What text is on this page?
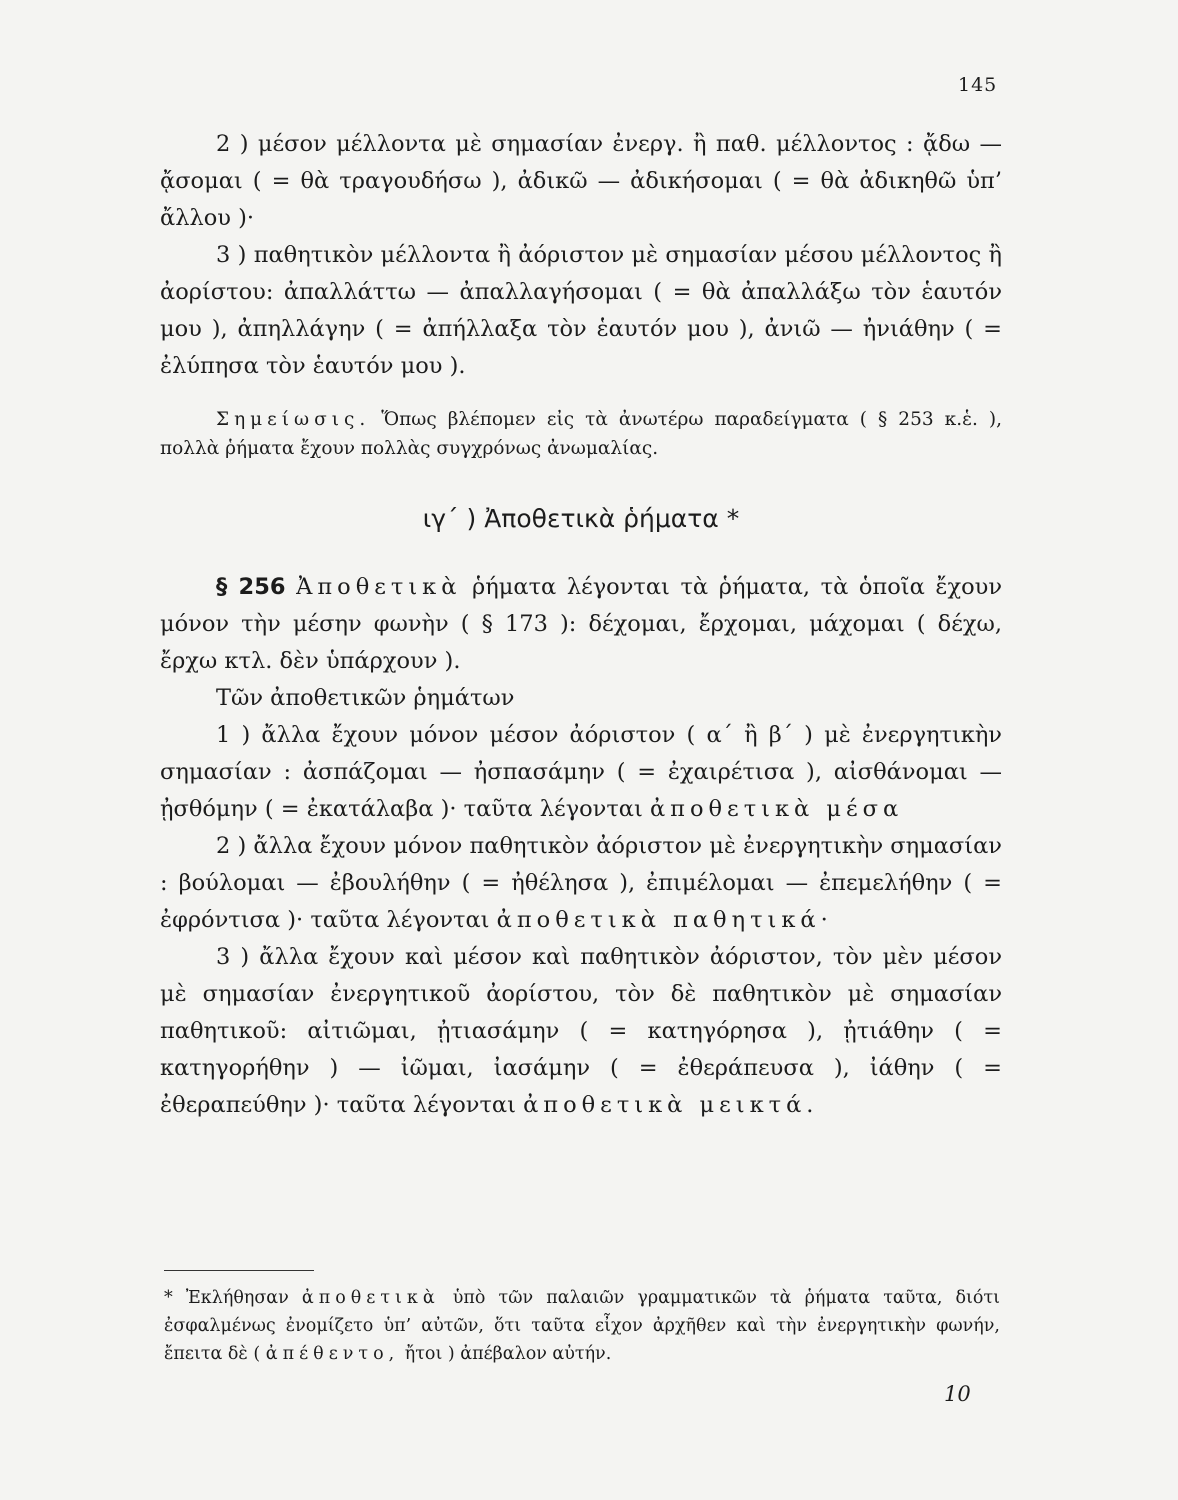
145

2 ) μέσον μέλλοντα μὲ σημασίαν ἐνεργ. ἢ παθ. μέλλοντος : ᾄδω — ᾄσομαι ( = θὰ τραγουδήσω ), ἀδικῶ — ἀδικήσομαι ( = θὰ ἀδικηθῶ ὑπ’ ἄλλου )·

3 ) παθητικὸν μέλλοντα ἢ ἀόριστον μὲ σημασίαν μέσου μέλλοντος ἢ ἀορίστου: ἀπαλλάττω — ἀπαλλαγήσομαι ( = θὰ ἀπαλλάξω τὸν ἑαυτόν μου ), ἀπηλλάγην ( = ἀπήλλαξα τὸν ἑαυτόν μου ), ἀνιῶ — ἠνιάθην ( = ἐλύπησα τὸν ἑαυτόν μου ).

Σημείωσις. Ὅπως βλέπομεν εἰς τὰ ἀνωτέρω παραδείγματα ( § 253 κ.ἑ. ), πολλὰ ῥήματα ἔχουν πολλὰς συγχρόνως ἀνωμαλίας.

ιγ΄ ) Ἀποθετικὰ ῥήματα *

§ 256 Ἀποθετικὰ ῥήματα λέγονται τὰ ῥήματα, τὰ ὁποῖα ἔχουν μόνον τὴν μέσην φωνὴν ( § 173 ): δέχομαι, ἔρχομαι, μάχομαι ( δέχω, ἔρχω κτλ. δὲν ὑπάρχουν ).

Τῶν ἀποθετικῶν ῥημάτων

1 ) ἄλλα ἔχουν μόνον μέσον ἀόριστον ( α΄ ἢ β΄ ) μὲ ἐνεργητικὴν σημασίαν : ἀσπάζομαι — ἠσπασάμην ( = ἐχαιρέτισα ), αἰσθάνομαι —ᾐσθόμην ( = ἐκατάλαβα )· ταῦτα λέγονται ἀποθετικὰ μέσα

2 ) ἄλλα ἔχουν μόνον παθητικὸν ἀόριστον μὲ ἐνεργητικὴν σημασίαν : βούλομαι — ἐβουλήθην ( = ἠθέλησα ), ἐπιμέλομαι — ἐπεμελήθην ( = ἐφρόντισα )· ταῦτα λέγονται ἀποθετικὰ παθητικά·

3 ) ἄλλα ἔχουν καὶ μέσον καὶ παθητικὸν ἀόριστον, τὸν μὲν μέσον μὲ σημασίαν ἐνεργητικοῦ ἀορίστου, τὸν δὲ παθητικὸν μὲ σημασίαν παθητικοῦ: αἰτιῶμαι, ᾐτιασάμην ( = κατηγόρησα ), ᾐτιάθην ( = κατηγορήθην ) — ἰῶμαι, ἰασάμην ( = ἐθεράπευσα ), ἰάθην ( = ἐθεραπεύθην )· ταῦτα λέγονται ἀποθετικὰ μεικτά.

* Ἐκλήθησαν ἀποθετικὰ ὑπὸ τῶν παλαιῶν γραμματικῶν τὰ ῥήματα ταῦτα, διότι ἐσφαλμένως ἐνομίζετο ὑπ’ αὐτῶν, ὅτι ταῦτα εἶχον ἀρχῆθεν καὶ τὴν ἐνεργητικὴν φωνήν, ἔπειτα δὲ ( ἀπέθεντο, ἤτοι ) ἀπέβαλον αὐτήν.
10
